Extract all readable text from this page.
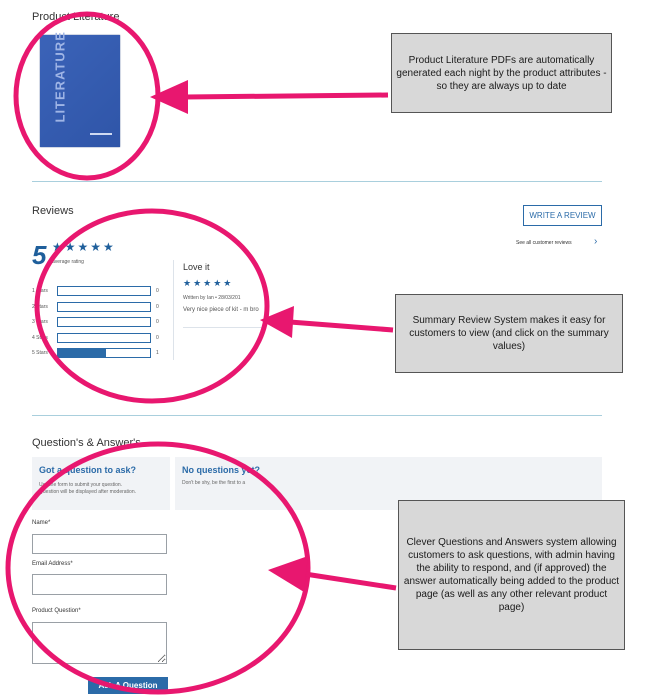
Product Literature
LITERATURE
Reviews	WRITE A REVIEW
See all customer reviews ›
5 ★★★★★
average rating
1 Stars	0
2 Stars	0
3 Stars	0
4 Stars	0
5 Stars	1
Love it
★★★★★
Written by Ian • 28/03/201
Very nice piece of kit - m bro
Question's & Answer's
Got a question to ask?
Use the form to submit your question.
Question will be displayed after moderation.
No questions yet?
Don't be shy, be the first to a
Name*
Email Address*
Product Question*
Ask A Question
Product Literature PDFs are automatically generated each night by the product attributes - so they are always up to date
Summary Review System makes it easy for customers to view (and click on the summary values)
Clever Questions and Answers system allowing customers to ask questions, with admin having the ability to respond, and (if approved) the answer automatically being added to the product page (as well as any other relevant product page)
